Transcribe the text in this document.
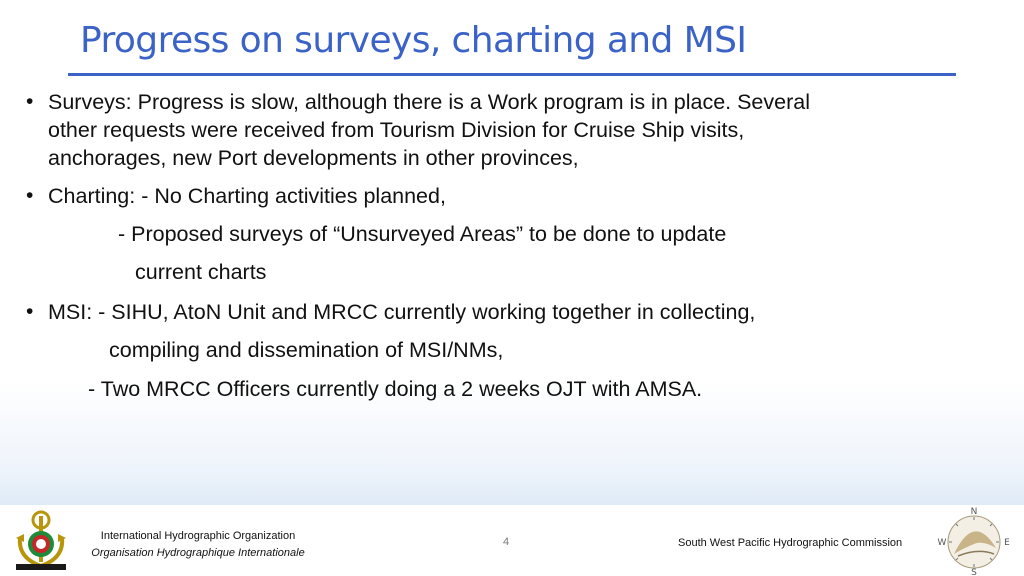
Progress on surveys, charting and MSI
• Surveys: Progress is slow, although there is a Work program is in place. Several
other requests were received from Tourism Division for Cruise Ship visits,
anchorages, new Port developments in other provinces,
• Charting: - No Charting activities planned,
- Proposed surveys of “Unsurveyed Areas” to be done to update
current charts
• MSI: - SIHU, AtoN Unit and MRCC currently working together in collecting,
compiling and dissemination of MSI/NMs,
- Two MRCC Officers currently doing a 2 weeks OJT with AMSA.
International Hydrographic Organization
Organisation Hydrographique Internationale
4	South West Pacific Hydrographic Commission
N
S
W	E
